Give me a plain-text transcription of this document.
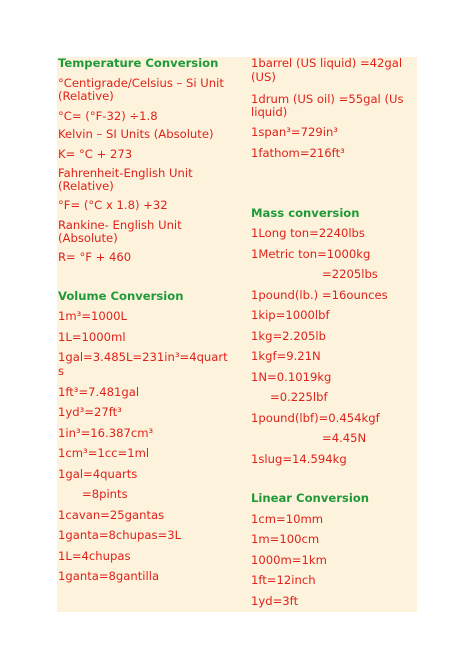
Temperature Conversion
°Centigrade/Celsius – Si Unit
(Relative)
°C= (°F-32) ÷1.8
Kelvin – SI Units (Absolute)
K= °C + 273
Fahrenheit-English Unit
(Relative)
°F= (°C x 1.8) +32
Rankine- English Unit
(Absolute)
R= °F + 460
Volume Conversion
1m³=1000L
1L=1000ml
1gal=3.485L=231in³=4quart
s
1ft³=7.481gal
1yd³=27ft³
1in³=16.387cm³
1cm³=1cc=1ml
1gal=4quarts
=8pints
1cavan=25gantas
1ganta=8chupas=3L
1L=4chupas
1ganta=8gantilla
1barrel (US liquid) =42gal
(US)
1drum (US oil) =55gal (Us
liquid)
1span³=729in³
1fathom=216ft³
Mass conversion
1Long ton=2240lbs
1Metric ton=1000kg
=2205lbs
1pound(lb.) =16ounces
1kip=1000lbf
1kg=2.205lb
1kgf=9.21N
1N=0.1019kg
=0.225lbf
1pound(lbf)=0.454kgf
=4.45N
1slug=14.594kg
Linear Conversion
1cm=10mm
1m=100cm
1000m=1km
1ft=12inch
1yd=3ft
